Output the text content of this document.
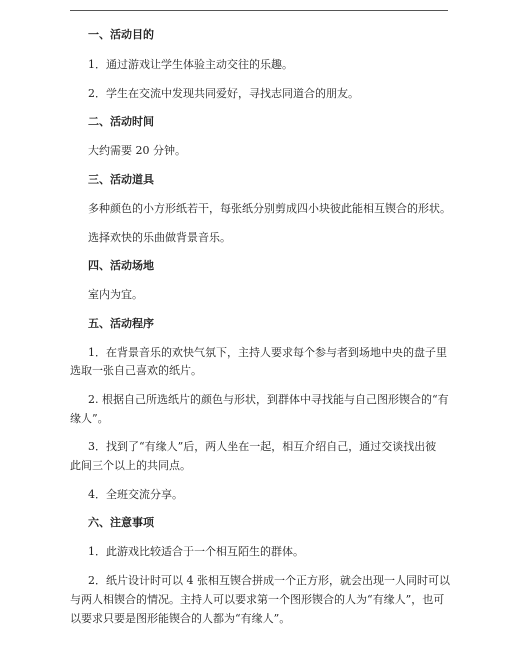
一、活动目的
1．通过游戏让学生体验主动交往的乐趣。
2．学生在交流中发现共同爱好，寻找志同道合的朋友。
二、活动时间
大约需要 20 分钟。
三、活动道具
多种颜色的小方形纸若干，每张纸分别剪成四小块彼此能相互锲合的形状。
选择欢快的乐曲做背景音乐。
四、活动场地
室内为宜。
五、活动程序
1．在背景音乐的欢快气氛下，主持人要求每个参与者到场地中央的盘子里
选取一张自己喜欢的纸片。
2. 根据自己所选纸片的颜色与形状，到群体中寻找能与自己图形锲合的“有
缘人”。
3．找到了“有缘人”后，两人坐在一起，相互介绍自己，通过交谈找出彼
此间三个以上的共同点。
4．全班交流分享。
六、注意事项
1．此游戏比较适合于一个相互陌生的群体。
2．纸片设计时可以 4 张相互锲合拼成一个正方形，就会出现一人同时可以
与两人相锲合的情况。主持人可以要求第一个图形锲合的人为“有缘人”，也可
以要求只要是图形能锲合的人都为“有缘人”。
